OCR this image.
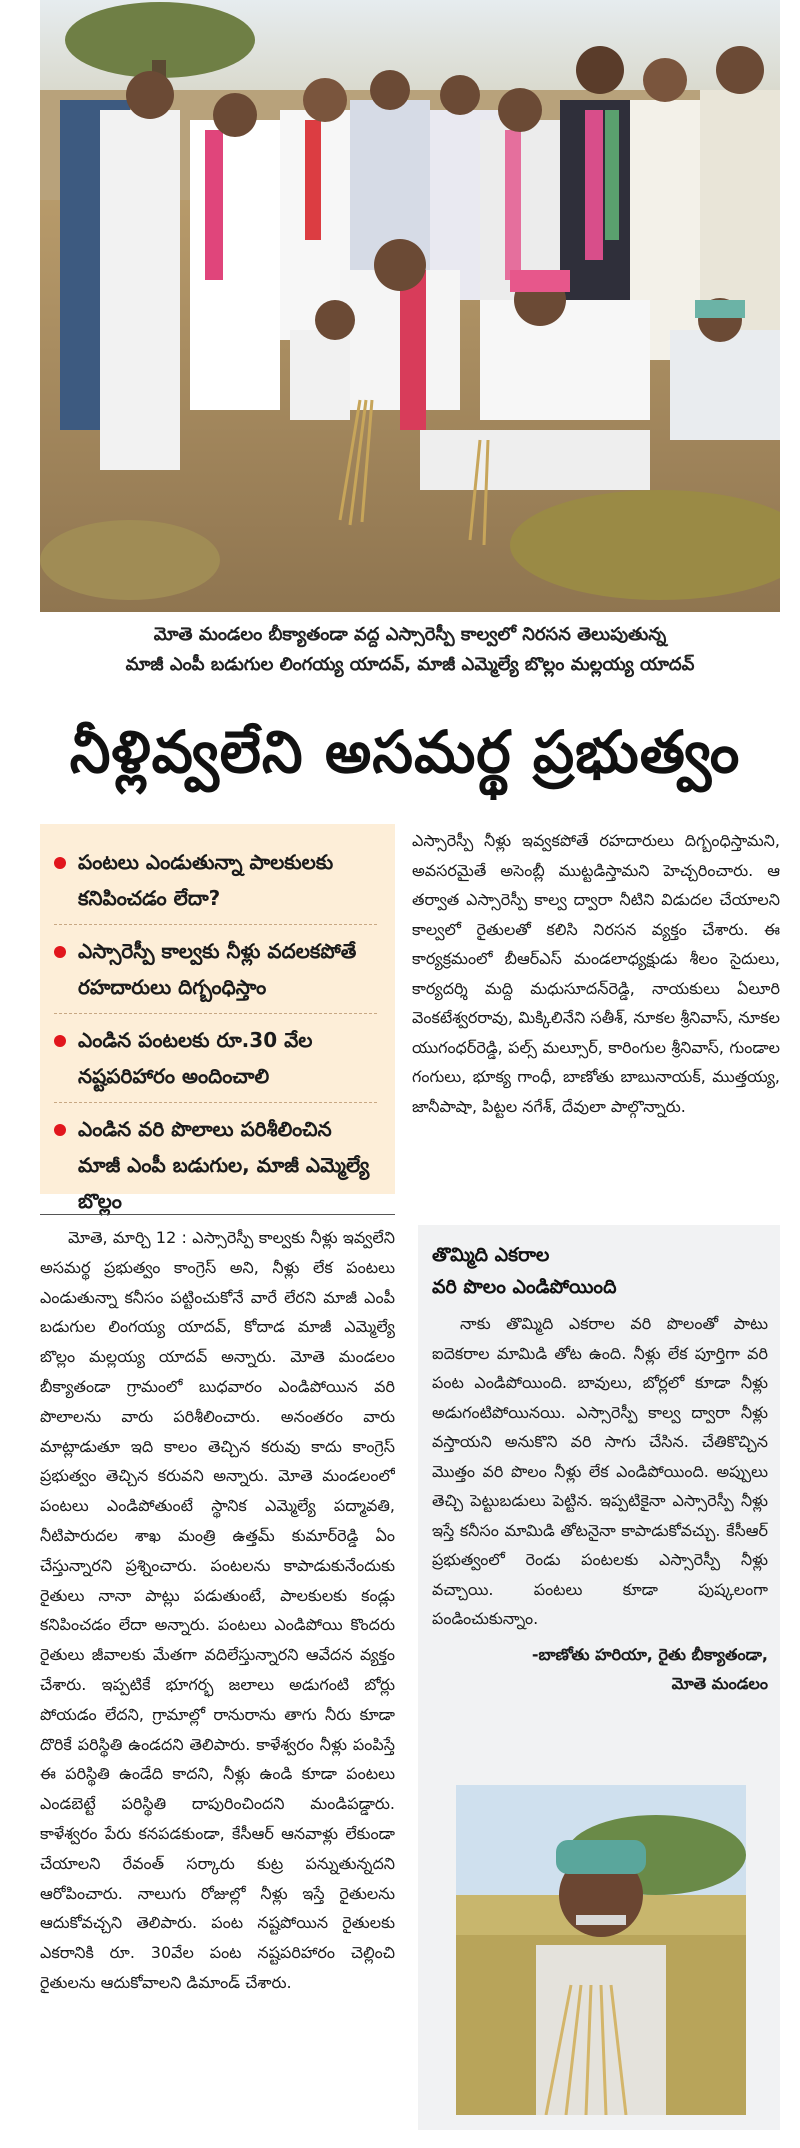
మోతె మండలం బీక్యాతండా వద్ద ఎస్సారెస్పీ కాల్వలో నిరసన తెలుపుతున్న
మాజీ ఎంపీ బడుగుల లింగయ్య యాదవ్, మాజీ ఎమ్మెల్యే బొల్లం మల్లయ్య యాదవ్
నీళ్లివ్వలేని అసమర్థ ప్రభుత్వం
పంటలు ఎండుతున్నా పాలకులకు కనిపించడం లేదా?
ఎస్సారెస్పీ కాల్వకు నీళ్లు వదలకపోతే రహదారులు దిగ్బంధిస్తాం
ఎండిన పంటలకు రూ.30 వేల నష్టపరిహారం అందించాలి
ఎండిన వరి పొలాలు పరిశీలించిన మాజీ ఎంపీ బడుగుల, మాజీ ఎమ్మెల్యే బొల్లం

ఎస్సారెస్పీ నీళ్లు ఇవ్వకపోతే రహదారులు దిగ్బంధిస్తామని, అవసరమైతే అసెంబ్లీ ముట్టడిస్తామని హెచ్చరించారు. ఆ తర్వాత ఎస్సారెస్పీ కాల్వ ద్వారా నీటిని విడుదల చేయాలని కాల్వలో రైతులతో కలిసి నిరసన వ్యక్తం చేశారు. ఈ కార్యక్రమంలో బీఆర్ఎస్ మండలాధ్యక్షుడు శీలం సైదులు, కార్యదర్శి మద్ది మధుసూదన్‌రెడ్డి, నాయకులు ఏలూరి వెంకటేశ్వరరావు, మిక్కిలినేని సతీశ్, నూకల శ్రీనివాస్, నూకల యుగంధర్‌రెడ్డి, పల్స్ మల్సూర్, కారింగుల శ్రీనివాస్, గుండాల గంగులు, భూక్య గాంధీ, బాణోతు బాబునాయక్, ముత్తయ్య, జానీపాషా, పిట్టల నగేశ్, దేవులా పాల్గొన్నారు.

మోతె, మార్చి 12 : ఎస్సారెస్పీ కాల్వకు నీళ్లు ఇవ్వలేని అసమర్థ ప్రభుత్వం కాంగ్రెస్ అని, నీళ్లు లేక పంటలు ఎండుతున్నా కనీసం పట్టించుకోనే వారే లేరని మాజీ ఎంపీ బడుగుల లింగయ్య యాదవ్, కోదాడ మాజీ ఎమ్మెల్యే బొల్లం మల్లయ్య యాదవ్ అన్నారు. మోతె మండలం బీక్యాతండా గ్రామంలో బుధవారం ఎండిపోయిన వరి పొలాలను వారు పరిశీలించారు. అనంతరం వారు మాట్లాడుతూ ఇది కాలం తెచ్చిన కరువు కాదు కాంగ్రెస్ ప్రభుత్వం తెచ్చిన కరువని అన్నారు. మోతె మండలంలో పంటలు ఎండిపోతుంటే స్థానిక ఎమ్మెల్యే పద్మావతి, నీటిపారుదల శాఖ మంత్రి ఉత్తమ్ కుమార్‌రెడ్డి ఏం చేస్తున్నారని ప్రశ్నించారు. పంటలను కాపాడుకునేందుకు రైతులు నానా పాట్లు పడుతుంటే, పాలకులకు కండ్లు కనిపించడం లేదా అన్నారు. పంటలు ఎండిపోయి కొందరు రైతులు జీవాలకు మేతగా వదిలేస్తున్నారని ఆవేదన వ్యక్తం చేశారు. ఇప్పటికే భూగర్భ జలాలు అడుగంటి బోర్లు పోయడం లేదని, గ్రామాల్లో రానురాను తాగు నీరు కూడా దొరికే పరిస్థితి ఉండదని తెలిపారు. కాళేశ్వరం నీళ్లు పంపిస్తే ఈ పరిస్థితి ఉండేది కాదని, నీళ్లు ఉండి కూడా పంటలు ఎండబెట్టే పరిస్థితి దాపురించిందని మండిపడ్డారు. కాళేశ్వరం పేరు కనపడకుండా, కేసీఆర్ ఆనవాళ్లు లేకుండా చేయాలని రేవంత్ సర్కారు కుట్ర పన్నుతున్నదని ఆరోపించారు. నాలుగు రోజుల్లో నీళ్లు ఇస్తే రైతులను ఆదుకోవచ్చని తెలిపారు. పంట నష్టపోయిన రైతులకు ఎకరానికి రూ. 30వేల పంట నష్టపరిహారం చెల్లించి రైతులను ఆదుకోవాలని డిమాండ్ చేశారు.

తొమ్మిది ఎకరాల
వరి పొలం ఎండిపోయింది

నాకు తొమ్మిది ఎకరాల వరి పొలంతో పాటు ఐదెకరాల మామిడి తోట ఉంది. నీళ్లు లేక పూర్తిగా వరి పంట ఎండిపోయింది. బావులు, బోర్లలో కూడా నీళ్లు అడుగంటిపోయినయి. ఎస్సారెస్పీ కాల్వ ద్వారా నీళ్లు వస్తాయని అనుకొని వరి సాగు చేసిన. చేతికొచ్చిన మొత్తం వరి పొలం నీళ్లు లేక ఎండిపోయింది. అప్పులు తెచ్చి పెట్టుబడులు పెట్టిన. ఇప్పటికైనా ఎస్సారెస్పీ నీళ్లు ఇస్తే కనీసం మామిడి తోటనైనా కాపాడుకోవచ్చు. కేసీఆర్ ప్రభుత్వంలో రెండు పంటలకు ఎస్సారెస్పీ నీళ్లు వచ్చాయి. పంటలు కూడా పుష్కలంగా పండించుకున్నాం.

-బాణోతు హరియా, రైతు బీక్యాతండా,
మోతె మండలం
